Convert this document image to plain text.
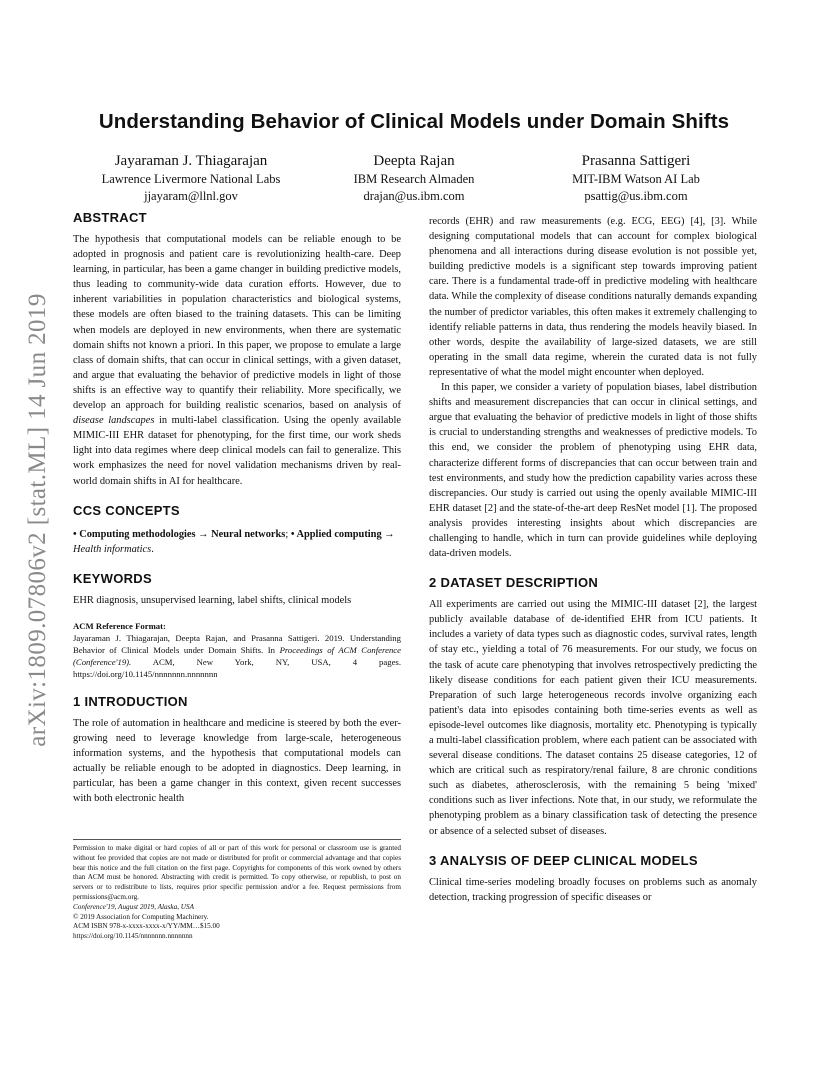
arXiv:1809.07806v2 [stat.ML] 14 Jun 2019
Understanding Behavior of Clinical Models under Domain Shifts
Jayaraman J. Thiagarajan
Lawrence Livermore National Labs
jjayaram@llnl.gov
Deepta Rajan
IBM Research Almaden
drajan@us.ibm.com
Prasanna Sattigeri
MIT-IBM Watson AI Lab
psattig@us.ibm.com
ABSTRACT

The hypothesis that computational models can be reliable enough to be adopted in prognosis and patient care is revolutionizing health-care. Deep learning, in particular, has been a game changer in building predictive models, thus leading to community-wide data curation efforts. However, due to inherent variabilities in population characteristics and biological systems, these models are often biased to the training datasets. This can be limiting when models are deployed in new environments, when there are systematic domain shifts not known a priori. In this paper, we propose to emulate a large class of domain shifts, that can occur in clinical settings, with a given dataset, and argue that evaluating the behavior of predictive models in light of those shifts is an effective way to quantify their reliability. More specifically, we develop an approach for building realistic scenarios, based on analysis of disease landscapes in multi-label classification. Using the openly available MIMIC-III EHR dataset for phenotyping, for the first time, our work sheds light into data regimes where deep clinical models can fail to generalize. This work emphasizes the need for novel validation mechanisms driven by real-world domain shifts in AI for healthcare.

CCS CONCEPTS

• Computing methodologies → Neural networks; • Applied computing → Health informatics.

KEYWORDS

EHR diagnosis, unsupervised learning, label shifts, clinical models

ACM Reference Format:

Jayaraman J. Thiagarajan, Deepta Rajan, and Prasanna Sattigeri. 2019. Understanding Behavior of Clinical Models under Domain Shifts. In Proceedings of ACM Conference (Conference'19). ACM, New York, NY, USA, 4 pages. https://doi.org/10.1145/nnnnnnn.nnnnnnn

1 INTRODUCTION

The role of automation in healthcare and medicine is steered by both the ever-growing need to leverage knowledge from large-scale, heterogeneous information systems, and the hypothesis that computational models can actually be reliable enough to be adopted in diagnostics. Deep learning, in particular, has been a game changer in this context, given recent successes with both electronic health

Permission to make digital or hard copies of all or part of this work for personal or classroom use is granted without fee provided that copies are not made or distributed for profit or commercial advantage and that copies bear this notice and the full citation on the first page. Copyrights for components of this work owned by others than ACM must be honored. Abstracting with credit is permitted. To copy otherwise, or republish, to post on servers or to redistribute to lists, requires prior specific permission and/or a fee. Request permissions from permissions@acm.org.

Conference'19, August 2019, Alaska, USA

© 2019 Association for Computing Machinery.

ACM ISBN 978-x-xxxx-xxxx-x/YY/MM…$15.00

https://doi.org/10.1145/nnnnnnn.nnnnnnn

records (EHR) and raw measurements (e.g. ECG, EEG) [4], [3]. While designing computational models that can account for complex biological phenomena and all interactions during disease evolution is not possible yet, building predictive models is a significant step towards improving patient care. There is a fundamental trade-off in predictive modeling with healthcare data. While the complexity of disease conditions naturally demands expanding the number of predictor variables, this often makes it extremely challenging to identify reliable patterns in data, thus rendering the models heavily biased. In other words, despite the availability of large-sized datasets, we are still operating in the small data regime, wherein the curated data is not fully representative of what the model might encounter when deployed.

In this paper, we consider a variety of population biases, label distribution shifts and measurement discrepancies that can occur in clinical settings, and argue that evaluating the behavior of predictive models in light of those shifts is crucial to understanding strengths and weaknesses of predictive models. To this end, we consider the problem of phenotyping using EHR data, characterize different forms of discrepancies that can occur between train and test environments, and study how the prediction capability varies across these discrepancies. Our study is carried out using the openly available MIMIC-III EHR dataset [2] and the state-of-the-art deep ResNet model [1]. The proposed analysis provides interesting insights about which discrepancies are challenging to handle, which in turn can provide guidelines while deploying data-driven models.

2 DATASET DESCRIPTION

All experiments are carried out using the MIMIC-III dataset [2], the largest publicly available database of de-identified EHR from ICU patients. It includes a variety of data types such as diagnostic codes, survival rates, length of stay etc., yielding a total of 76 measurements. For our study, we focus on the task of acute care phenotyping that involves retrospectively predicting the likely disease conditions for each patient given their ICU measurements. Preparation of such large heterogeneous records involve organizing each patient's data into episodes containing both time-series events as well as episode-level outcomes like diagnosis, mortality etc. Phenotyping is typically a multi-label classification problem, where each patient can be associated with several disease conditions. The dataset contains 25 disease categories, 12 of which are critical such as respiratory/renal failure, 8 are chronic conditions such as diabetes, atherosclerosis, with the remaining 5 being 'mixed' conditions such as liver infections. Note that, in our study, we reformulate the phenotyping problem as a binary classification task of detecting the presence or absence of a selected subset of diseases.

3 ANALYSIS OF DEEP CLINICAL MODELS

Clinical time-series modeling broadly focuses on problems such as anomaly detection, tracking progression of specific diseases or
